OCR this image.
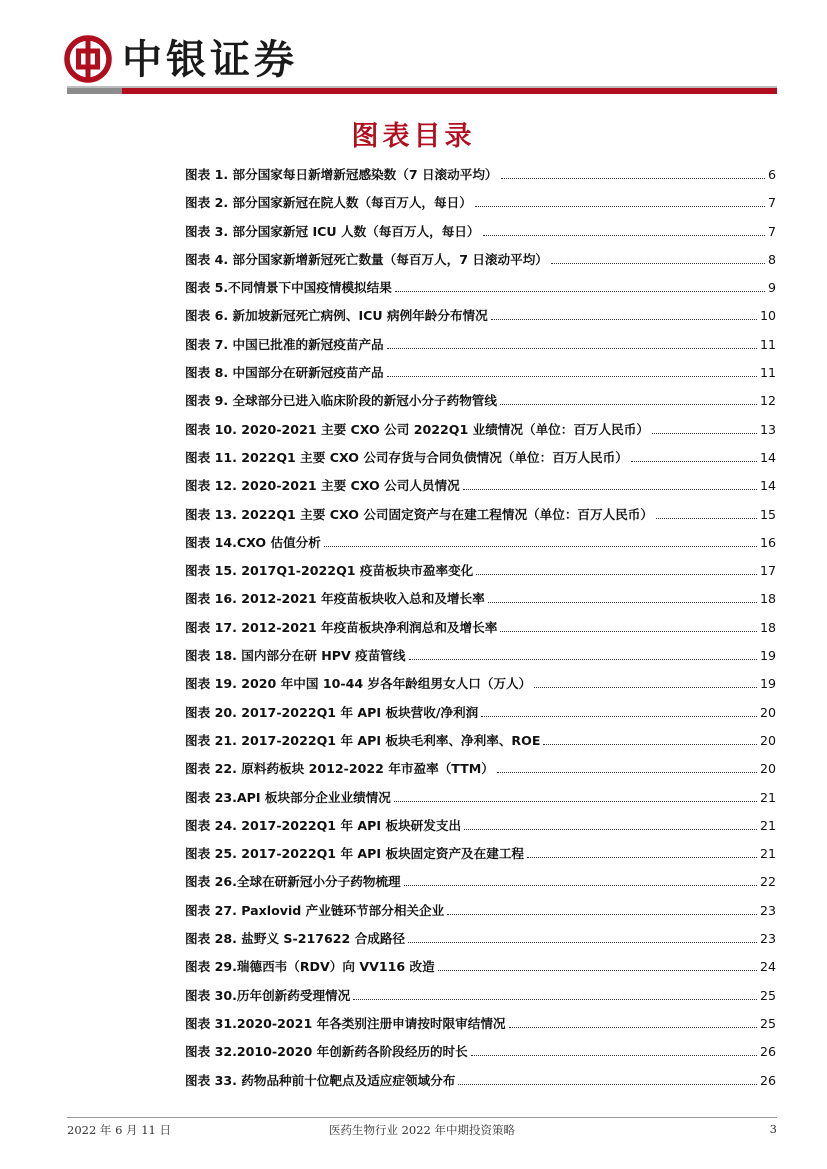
中银证券
图表目录
图表 1. 部分国家每日新增新冠感染数（7 日滚动平均）	6
图表 2. 部分国家新冠在院人数（每百万人，每日）	7
图表 3. 部分国家新冠 ICU 人数（每百万人，每日）	7
图表 4. 部分国家新增新冠死亡数量（每百万人，7 日滚动平均）	8
图表 5.不同情景下中国疫情模拟结果	9
图表 6. 新加坡新冠死亡病例、ICU 病例年龄分布情况	10
图表 7. 中国已批准的新冠疫苗产品	11
图表 8. 中国部分在研新冠疫苗产品	11
图表 9. 全球部分已进入临床阶段的新冠小分子药物管线	12
图表 10. 2020-2021 主要 CXO 公司 2022Q1 业绩情况（单位：百万人民币）	13
图表 11. 2022Q1 主要 CXO 公司存货与合同负债情况（单位：百万人民币）	14
图表 12. 2020-2021 主要 CXO 公司人员情况	14
图表 13. 2022Q1 主要 CXO 公司固定资产与在建工程情况（单位：百万人民币）	15
图表 14.CXO 估值分析	16
图表 15. 2017Q1-2022Q1 疫苗板块市盈率变化	17
图表 16. 2012-2021 年疫苗板块收入总和及增长率	18
图表 17. 2012-2021 年疫苗板块净利润总和及增长率	18
图表 18. 国内部分在研 HPV 疫苗管线	19
图表 19. 2020 年中国 10-44 岁各年龄组男女人口（万人）	19
图表 20. 2017-2022Q1 年 API 板块营收/净利润	20
图表 21. 2017-2022Q1 年 API 板块毛利率、净利率、ROE	20
图表 22. 原料药板块 2012-2022 年市盈率（TTM）	20
图表 23.API 板块部分企业业绩情况	21
图表 24. 2017-2022Q1 年 API 板块研发支出	21
图表 25. 2017-2022Q1 年 API 板块固定资产及在建工程	21
图表 26.全球在研新冠小分子药物梳理	22
图表 27. Paxlovid 产业链环节部分相关企业	23
图表 28. 盐野义 S-217622 合成路径	23
图表 29.瑞德西韦（RDV）向 VV116 改造	24
图表 30.历年创新药受理情况	25
图表 31.2020-2021 年各类别注册申请按时限审结情况	25
图表 32.2010-2020 年创新药各阶段经历的时长	26
图表 33. 药物品种前十位靶点及适应症领域分布	26
2022 年 6 月 11 日	医药生物行业 2022 年中期投资策略	3
